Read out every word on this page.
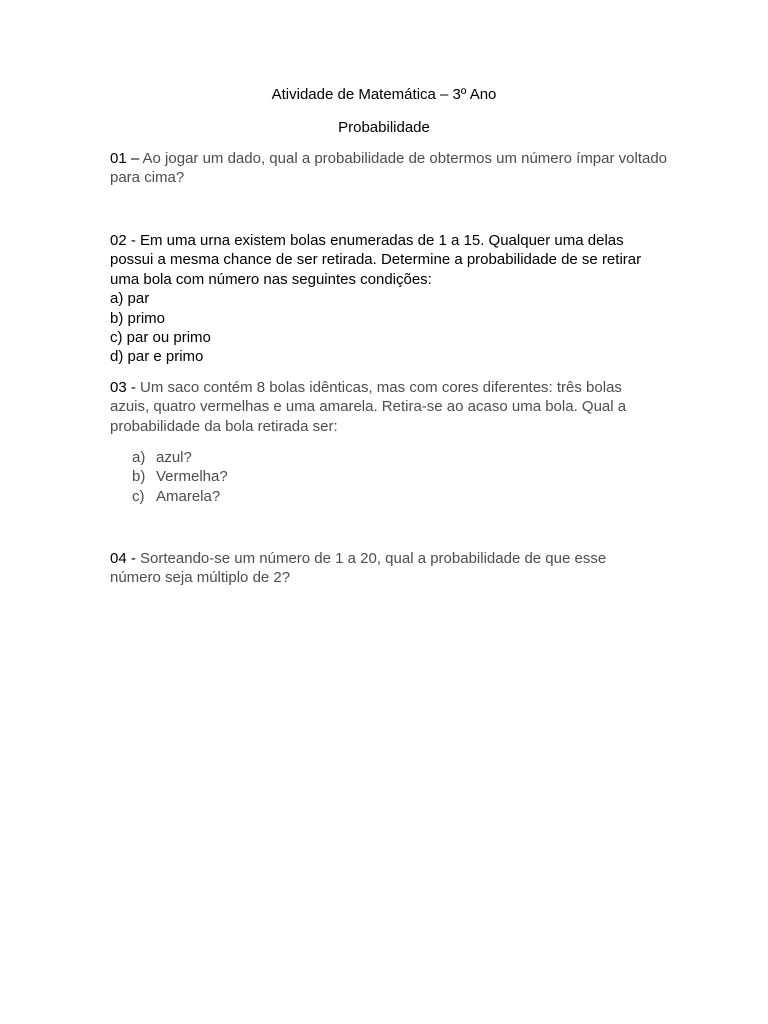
Atividade de Matemática – 3º Ano
Probabilidade

01 – Ao jogar um dado, qual a probabilidade de obtermos um número ímpar voltado para cima?

02 - Em uma urna existem bolas enumeradas de 1 a 15. Qualquer uma delas

possui a mesma chance de ser retirada. Determine a probabilidade de se retirar

uma bola com número nas seguintes condições:

a) par

b) primo

c) par ou primo

d) par e primo

03 - Um saco contém 8 bolas idênticas, mas com cores diferentes: três bolas azuis, quatro vermelhas e uma amarela. Retira-se ao acaso uma bola. Qual a probabilidade da bola retirada ser:

a) azul?
b) Vermelha?
c) Amarela?

04 - Sorteando-se um número de 1 a 20, qual a probabilidade de que esse número seja múltiplo de 2?
